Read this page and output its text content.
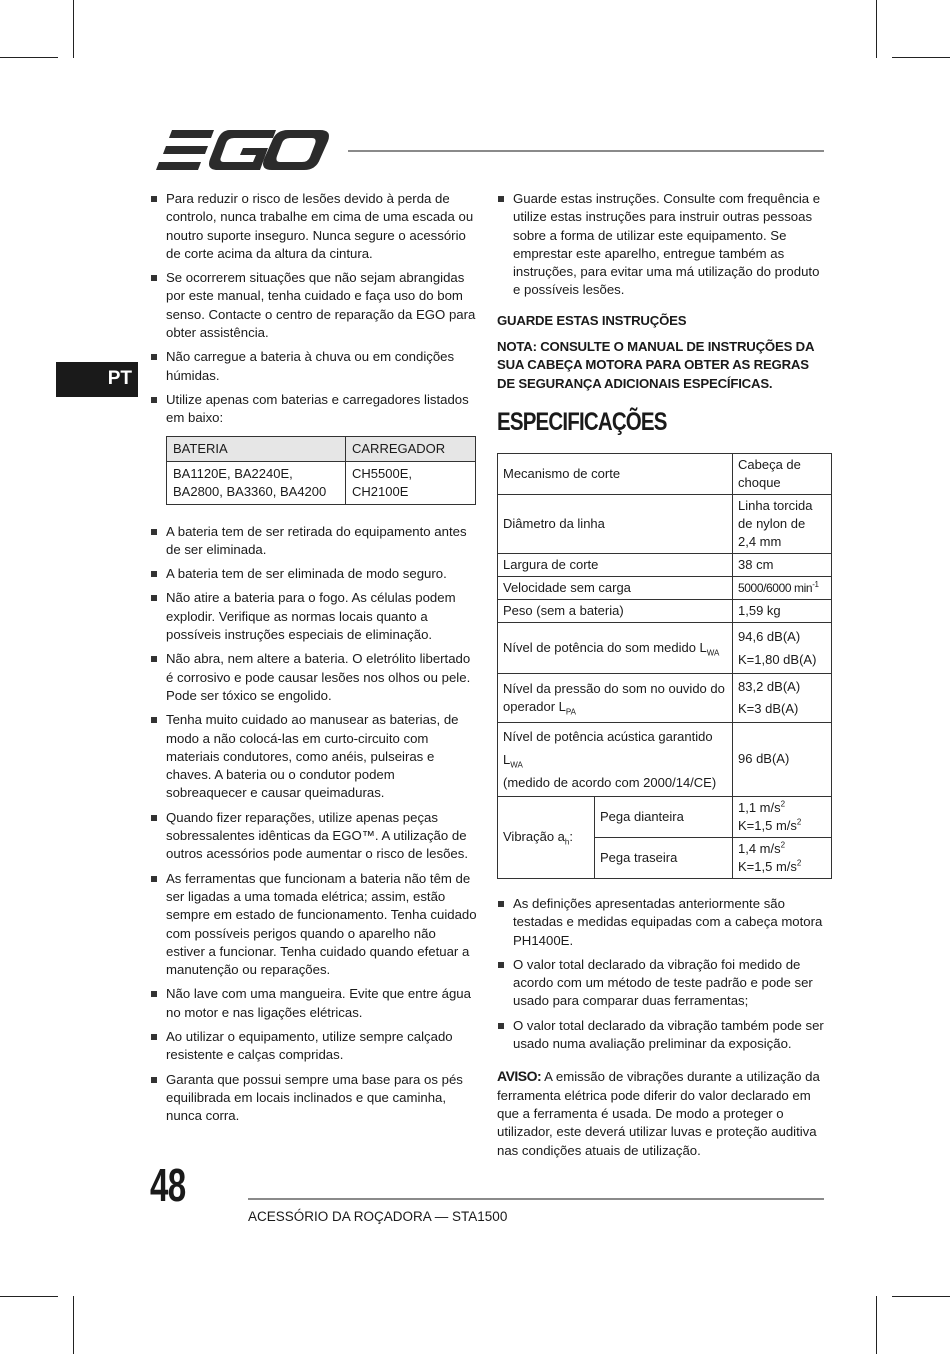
PT
Para reduzir o risco de lesões devido à perda de controlo, nunca trabalhe em cima de uma escada ou noutro suporte inseguro. Nunca segure o acessório de corte acima da altura da cintura.
Se ocorrerem situações que não sejam abrangidas por este manual, tenha cuidado e faça uso do bom senso. Contacte o centro de reparação da EGO para obter assistência.
Não carregue a bateria à chuva ou em condições húmidas.
Utilize apenas com baterias e carregadores listados em baixo:
BATERIA	CARREGADOR
BA1120E, BA2240E, BA2800, BA3360, BA4200	CH5500E, CH2100E
A bateria tem de ser retirada do equipamento antes de ser eliminada.
A bateria tem de ser eliminada de modo seguro.
Não atire a bateria para o fogo. As células podem explodir. Verifique as normas locais quanto a possíveis instruções especiais de eliminação.
Não abra, nem altere a bateria. O eletrólito libertado é corrosivo e pode causar lesões nos olhos ou pele. Pode ser tóxico se engolido.
Tenha muito cuidado ao manusear as baterias, de modo a não colocá-las em curto-circuito com materiais condutores, como anéis, pulseiras e chaves. A bateria ou o condutor podem sobreaquecer e causar queimaduras.
Quando fizer reparações, utilize apenas peças sobressalentes idênticas da EGO™. A utilização de outros acessórios pode aumentar o risco de lesões.
As ferramentas que funcionam a bateria não têm de ser ligadas a uma tomada elétrica; assim, estão sempre em estado de funcionamento. Tenha cuidado com possíveis perigos quando o aparelho não estiver a funcionar. Tenha cuidado quando efetuar a manutenção ou reparações.
Não lave com uma mangueira. Evite que entre água no motor e nas ligações elétricas.
Ao utilizar o equipamento, utilize sempre calçado resistente e calças compridas.
Garanta que possui sempre uma base para os pés equilibrada em locais inclinados e que caminha, nunca corra.
Guarde estas instruções. Consulte com frequência e utilize estas instruções para instruir outras pessoas sobre a forma de utilizar este equipamento. Se emprestar este aparelho, entregue também as instruções, para evitar uma má utilização do produto e possíveis lesões.
GUARDE ESTAS INSTRUÇÕES
NOTA: CONSULTE O MANUAL DE INSTRUÇÕES DA SUA CABEÇA MOTORA PARA OBTER AS REGRAS DE SEGURANÇA ADICIONAIS ESPECÍFICAS.
ESPECIFICAÇÕES
Mecanismo de corte		Cabeça de choque
Diâmetro da linha		Linha torcida de nylon de 2,4 mm
Largura de corte		38 cm
Velocidade sem carga		5000/6000 $\min^{-1}$
Peso (sem a bateria)		1,59 kg
Nível de potência do som medido $L_{WA}$		94,6 dB(A)
K=1,80 dB(A)

Nível da pressão do som no ouvido do operador $L_{PA}$		83,2 dB(A)
K=3 dB(A)

Nível de potência acústica garantido $L_{WA}$
(medido de acordo com 2000/14/CE)		96 dB(A)
Vibração $a_h$:	Pega dianteira	1,1 $m/s^2$
K=1,5 $m/s^2$

	Pega traseira	1,4 $m/s^2$
K=1,5 $m/s^2$
As definições apresentadas anteriormente são testadas e medidas equipadas com a cabeça motora PH1400E.
O valor total declarado da vibração foi medido de acordo com um método de teste padrão e pode ser usado para comparar duas ferramentas;
O valor total declarado da vibração também pode ser usado numa avaliação preliminar da exposição.

AVISO: A emissão de vibrações durante a utilização da ferramenta elétrica pode diferir do valor declarado em que a ferramenta é usada. De modo a proteger o utilizador, este deverá utilizar luvas e proteção auditiva nas condições atuais de utilização.

48
ACESSÓRIO DA ROÇADORA — STA1500
